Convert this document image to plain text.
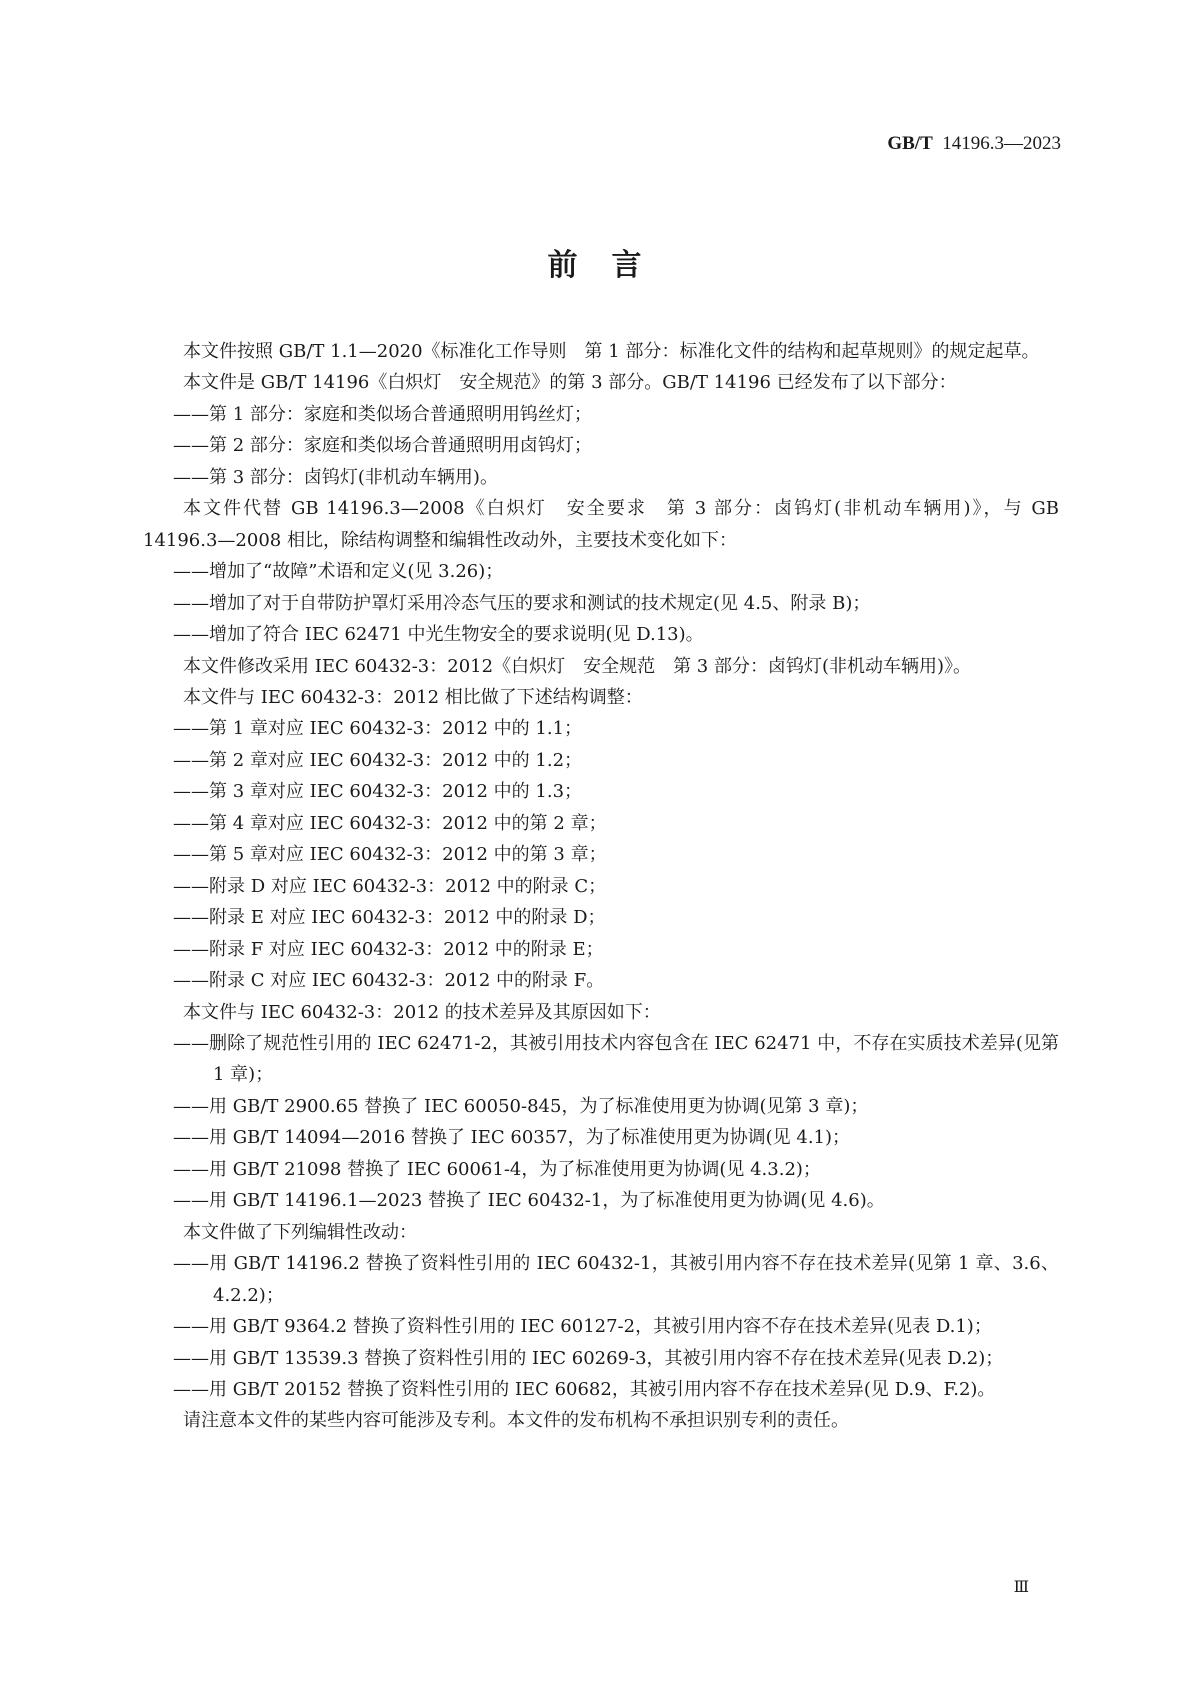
GB/T 14196.3—2023
前　言

本文件按照 GB/T 1.1—2020《标准化工作导则　第 1 部分：标准化文件的结构和起草规则》的规定起草。

本文件是 GB/T 14196《白炽灯　安全规范》的第 3 部分。GB/T 14196 已经发布了以下部分：

——第 1 部分：家庭和类似场合普通照明用钨丝灯；

——第 2 部分：家庭和类似场合普通照明用卤钨灯；

——第 3 部分：卤钨灯(非机动车辆用)。

本文件代替 GB 14196.3—2008《白炽灯　安全要求　第 3 部分：卤钨灯(非机动车辆用)》，与 GB 14196.3—2008 相比，除结构调整和编辑性改动外，主要技术变化如下：

——增加了“故障”术语和定义(见 3.26)；

——增加了对于自带防护罩灯采用冷态气压的要求和测试的技术规定(见 4.5、附录 B)；

——增加了符合 IEC 62471 中光生物安全的要求说明(见 D.13)。

本文件修改采用 IEC 60432-3：2012《白炽灯　安全规范　第 3 部分：卤钨灯(非机动车辆用)》。

本文件与 IEC 60432-3：2012 相比做了下述结构调整：

——第 1 章对应 IEC 60432-3：2012 中的 1.1；

——第 2 章对应 IEC 60432-3：2012 中的 1.2；

——第 3 章对应 IEC 60432-3：2012 中的 1.3；

——第 4 章对应 IEC 60432-3：2012 中的第 2 章；

——第 5 章对应 IEC 60432-3：2012 中的第 3 章；

——附录 D 对应 IEC 60432-3：2012 中的附录 C；

——附录 E 对应 IEC 60432-3：2012 中的附录 D；

——附录 F 对应 IEC 60432-3：2012 中的附录 E；

——附录 C 对应 IEC 60432-3：2012 中的附录 F。

本文件与 IEC 60432-3：2012 的技术差异及其原因如下：

——删除了规范性引用的 IEC 62471-2，其被引用技术内容包含在 IEC 62471 中，不存在实质技术差异(见第 1 章)；

——用 GB/T 2900.65 替换了 IEC 60050-845，为了标准使用更为协调(见第 3 章)；

——用 GB/T 14094—2016 替换了 IEC 60357，为了标准使用更为协调(见 4.1)；

——用 GB/T 21098 替换了 IEC 60061-4，为了标准使用更为协调(见 4.3.2)；

——用 GB/T 14196.1—2023 替换了 IEC 60432-1，为了标准使用更为协调(见 4.6)。

本文件做了下列编辑性改动：

——用 GB/T 14196.2 替换了资料性引用的 IEC 60432-1，其被引用内容不存在技术差异(见第 1 章、3.6、4.2.2)；

——用 GB/T 9364.2 替换了资料性引用的 IEC 60127-2，其被引用内容不存在技术差异(见表 D.1)；

——用 GB/T 13539.3 替换了资料性引用的 IEC 60269-3，其被引用内容不存在技术差异(见表 D.2)；

——用 GB/T 20152 替换了资料性引用的 IEC 60682，其被引用内容不存在技术差异(见 D.9、F.2)。

请注意本文件的某些内容可能涉及专利。本文件的发布机构不承担识别专利的责任。

Ⅲ
